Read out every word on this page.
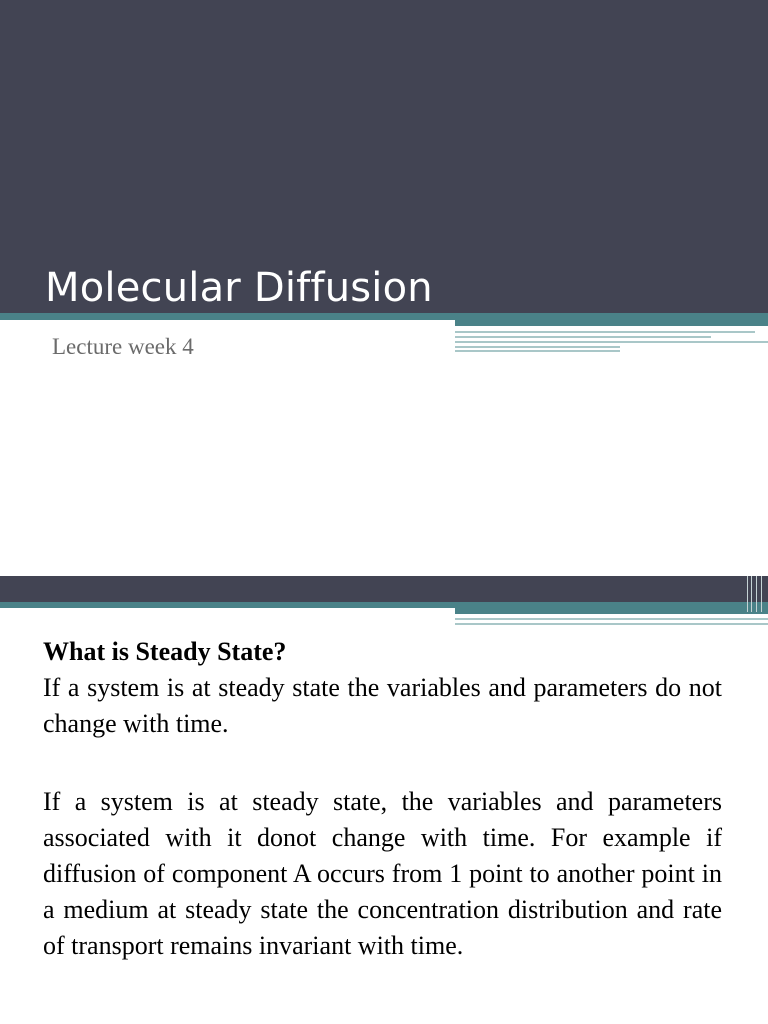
Molecular Diffusion
Lecture week 4

What is Steady State?

If a system is at steady state the variables and parameters do not change with time.

If a system is at steady state, the variables and parameters associated with it donot change with time. For example if diffusion of component A occurs from 1 point to another point in a medium at steady state the concentration distribution and rate of transport remains invariant with time.
